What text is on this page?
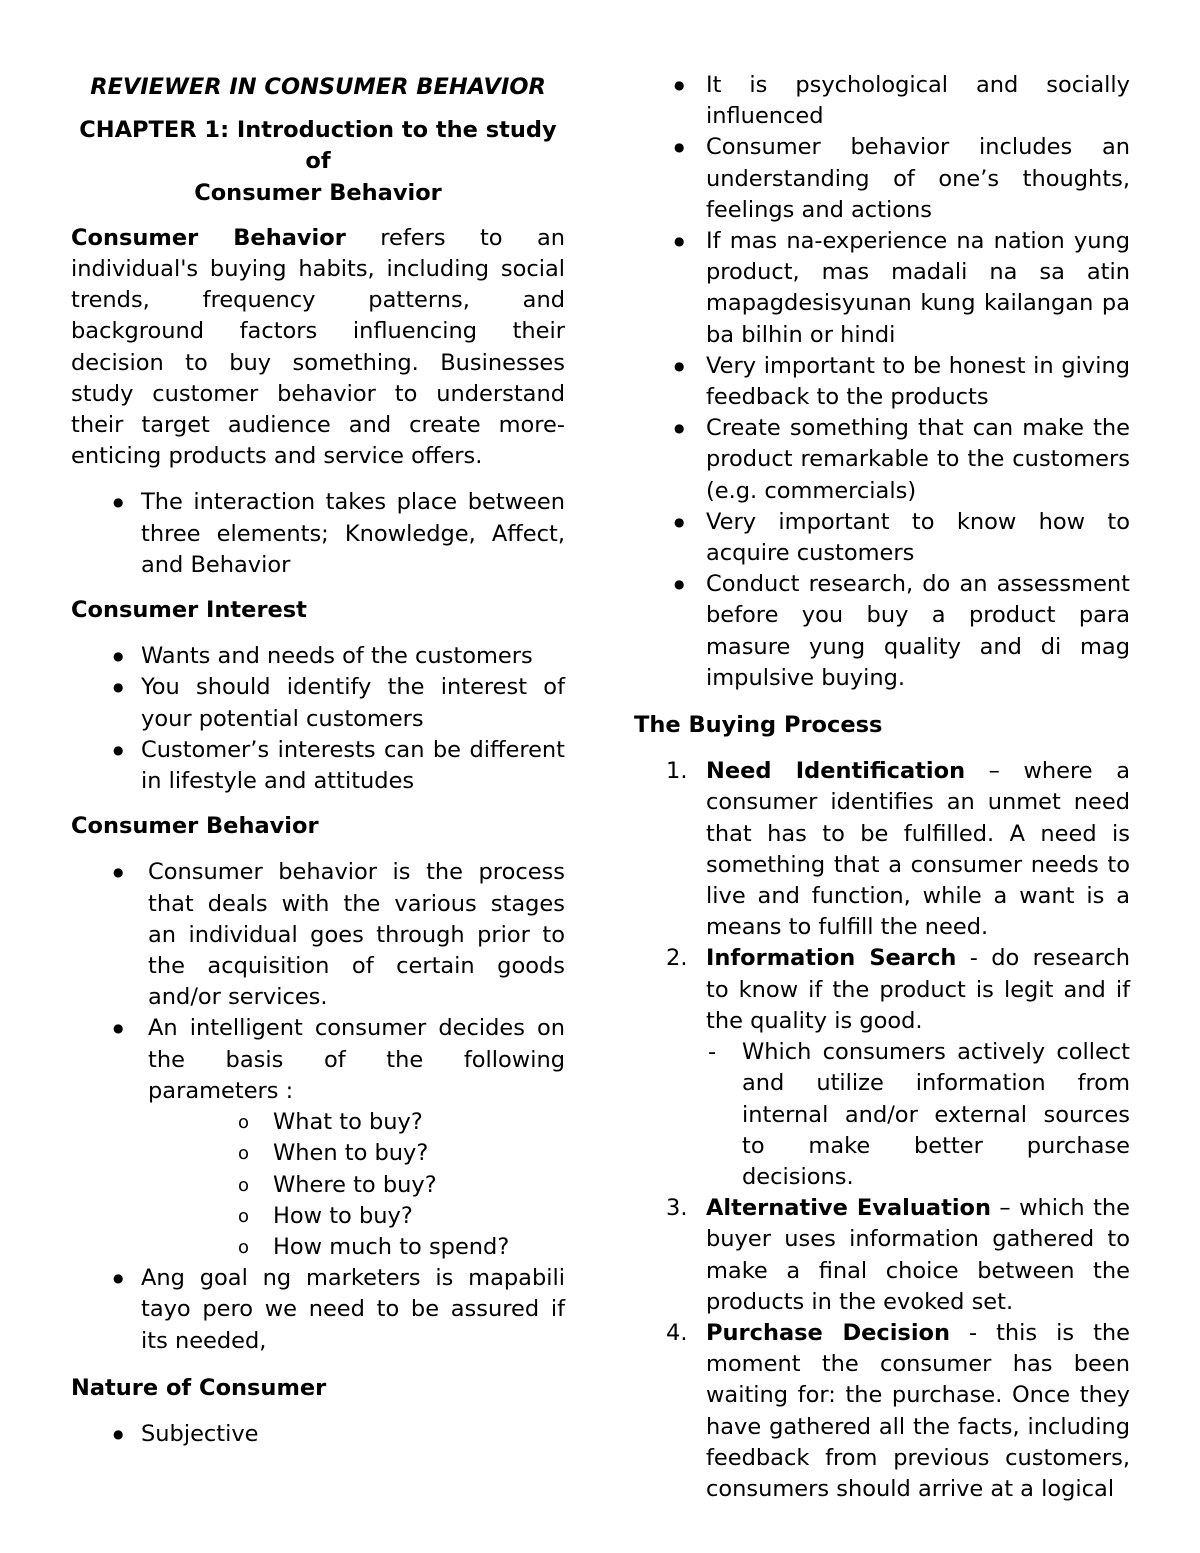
REVIEWER IN CONSUMER BEHAVIOR
CHAPTER 1: Introduction to the study of
Consumer Behavior

Consumer Behavior refers to an individual's buying habits, including social trends, frequency patterns, and background factors influencing their decision to buy something. Businesses study customer behavior to understand their target audience and create more-enticing products and service offers.

● The interaction takes place between three elements; Knowledge, Affect, and Behavior
Consumer Interest
● Wants and needs of the customers
● You should identify the interest of your potential customers
● Customer’s interests can be different in lifestyle and attitudes
Consumer Behavior
● Consumer behavior is the process that deals with the various stages an individual goes through prior to the acquisition of certain goods and/or services.
● An intelligent consumer decides on the basis of the following parameters :
o What to buy?
o When to buy?
o Where to buy?
o How to buy?
o How much to spend?
● Ang goal ng marketers is mapabili tayo pero we need to be assured if its needed,
Nature of Consumer
● Subjective
● It is psychological and socially influenced
● Consumer behavior includes an understanding of one’s thoughts, feelings and actions
● If mas na-experience na nation yung product, mas madali na sa atin mapagdesisyunan kung kailangan pa ba bilhin or hindi
● Very important to be honest in giving feedback to the products
● Create something that can make the product remarkable to the customers (e.g. commercials)
● Very important to know how to acquire customers
● Conduct research, do an assessment before you buy a product para masure yung quality and di mag impulsive buying.
The Buying Process
1. Need Identification – where a consumer identifies an unmet need that has to be fulfilled. A need is something that a consumer needs to live and function, while a want is a means to fulfill the need.
2. Information Search - do research to know if the product is legit and if the quality is good.
- Which consumers actively collect and utilize information from internal and/or external sources to make better purchase decisions.
3. Alternative Evaluation – which the buyer uses information gathered to make a final choice between the products in the evoked set.
4. Purchase Decision - this is the moment the consumer has been waiting for: the purchase. Once they have gathered all the facts, including feedback from previous customers, consumers should arrive at a logical
